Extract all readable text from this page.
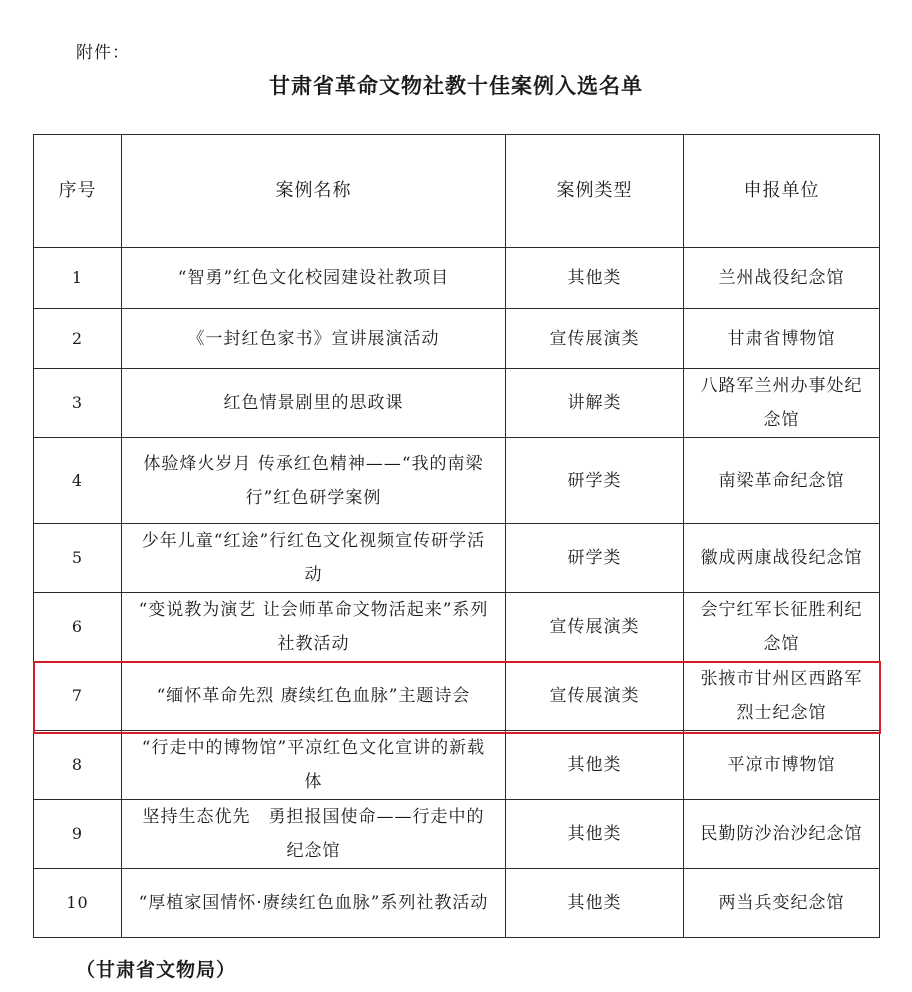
附件：
甘肃省革命文物社教十佳案例入选名单
序号	案例名称	案例类型	申报单位
1	“智勇”红色文化校园建设社教项目	其他类	兰州战役纪念馆
2	《一封红色家书》宣讲展演活动	宣传展演类	甘肃省博物馆
3	红色情景剧里的思政课	讲解类	八路军兰州办事处纪念馆
4	体验烽火岁月 传承红色精神——“我的南梁行”红色研学案例	研学类	南梁革命纪念馆
5	少年儿童“红途”行红色文化视频宣传研学活动	研学类	徽成两康战役纪念馆
6	“变说教为演艺 让会师革命文物活起来”系列社教活动	宣传展演类	会宁红军长征胜利纪念馆
7	“缅怀革命先烈 赓续红色血脉”主题诗会	宣传展演类	张掖市甘州区西路军烈士纪念馆
8	“行走中的博物馆”平凉红色文化宣讲的新载体	其他类	平凉市博物馆
9	坚持生态优先　勇担报国使命——行走中的纪念馆	其他类	民勤防沙治沙纪念馆
10	“厚植家国情怀·赓续红色血脉”系列社教活动	其他类	两当兵变纪念馆
（甘肃省文物局）
